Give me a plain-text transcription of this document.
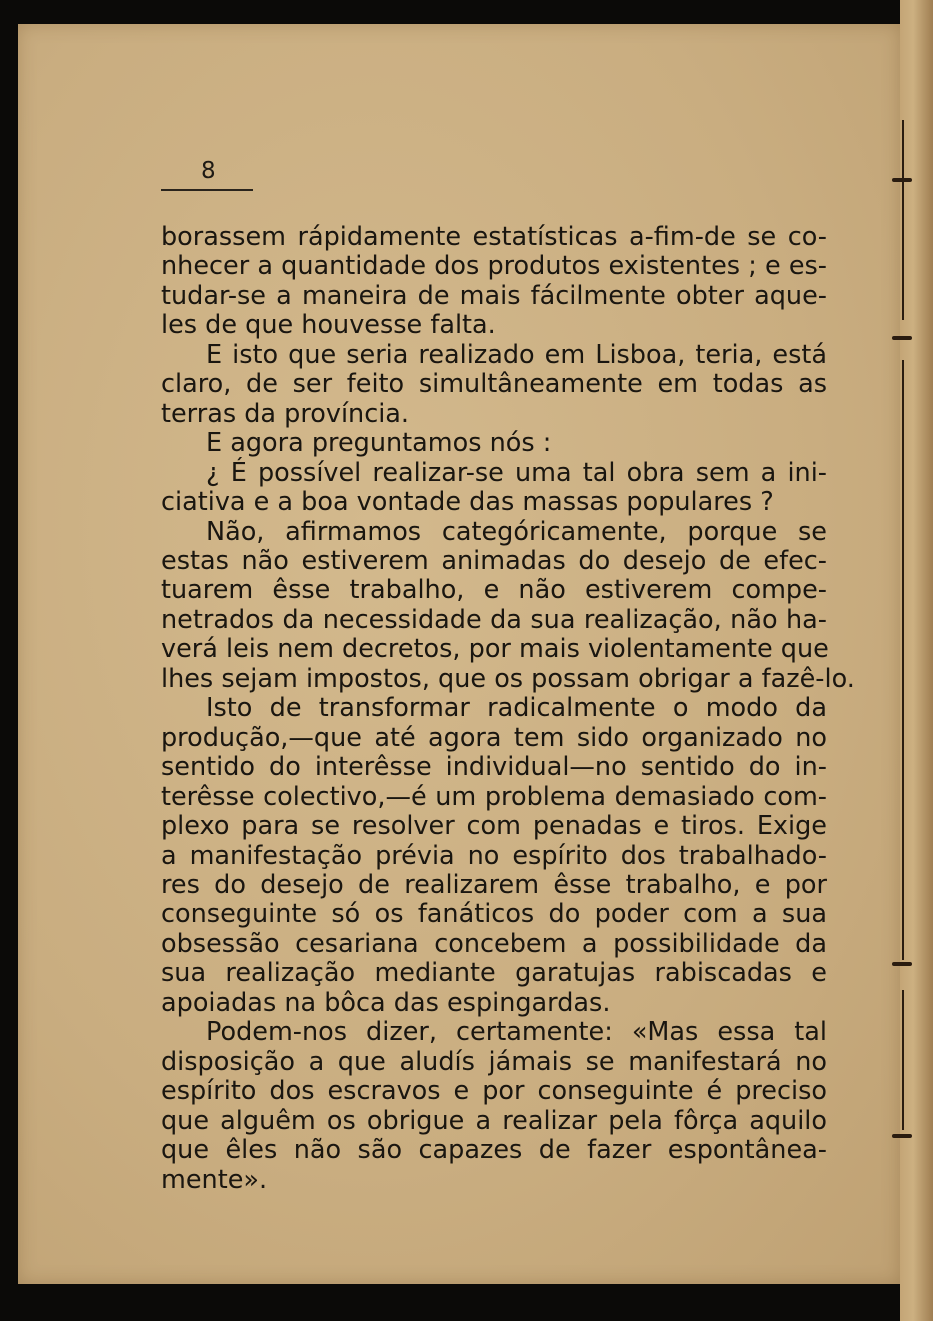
8
borassem rápidamente estatísticas a-fim-de se co-
nhecer a quantidade dos produtos existentes ; e es-
tudar-se a maneira de mais fácilmente obter aque-
les de que houvesse falta.
E isto que seria realizado em Lisboa, teria, está
claro, de ser feito simultâneamente em todas as
terras da província.
E agora preguntamos nós :
¿ É possível realizar-se uma tal obra sem a ini-
ciativa e a boa vontade das massas populares ?
Não, afirmamos categóricamente, porque se
estas não estiverem animadas do desejo de efec-
tuarem êsse trabalho, e não estiverem compe-
netrados da necessidade da sua realização, não ha-
verá leis nem decretos, por mais violentamente que
lhes sejam impostos, que os possam obrigar a fazê-lo.
Isto de transformar radicalmente o modo da
produção,—que até agora tem sido organizado no
sentido do interêsse individual—no sentido do in-
terêsse colectivo,—é um problema demasiado com-
plexo para se resolver com penadas e tiros. Exige
a manifestação prévia no espírito dos trabalhado-
res do desejo de realizarem êsse trabalho, e por
conseguinte só os fanáticos do poder com a sua
obsessão cesariana concebem a possibilidade da
sua realização mediante garatujas rabiscadas e
apoiadas na bôca das espingardas.
Podem-nos dizer, certamente: «Mas essa tal
disposição a que aludís jámais se manifestará no
espírito dos escravos e por conseguinte é preciso
que alguêm os obrigue a realizar pela fôrça aquilo
que êles não são capazes de fazer espontânea-
mente».
